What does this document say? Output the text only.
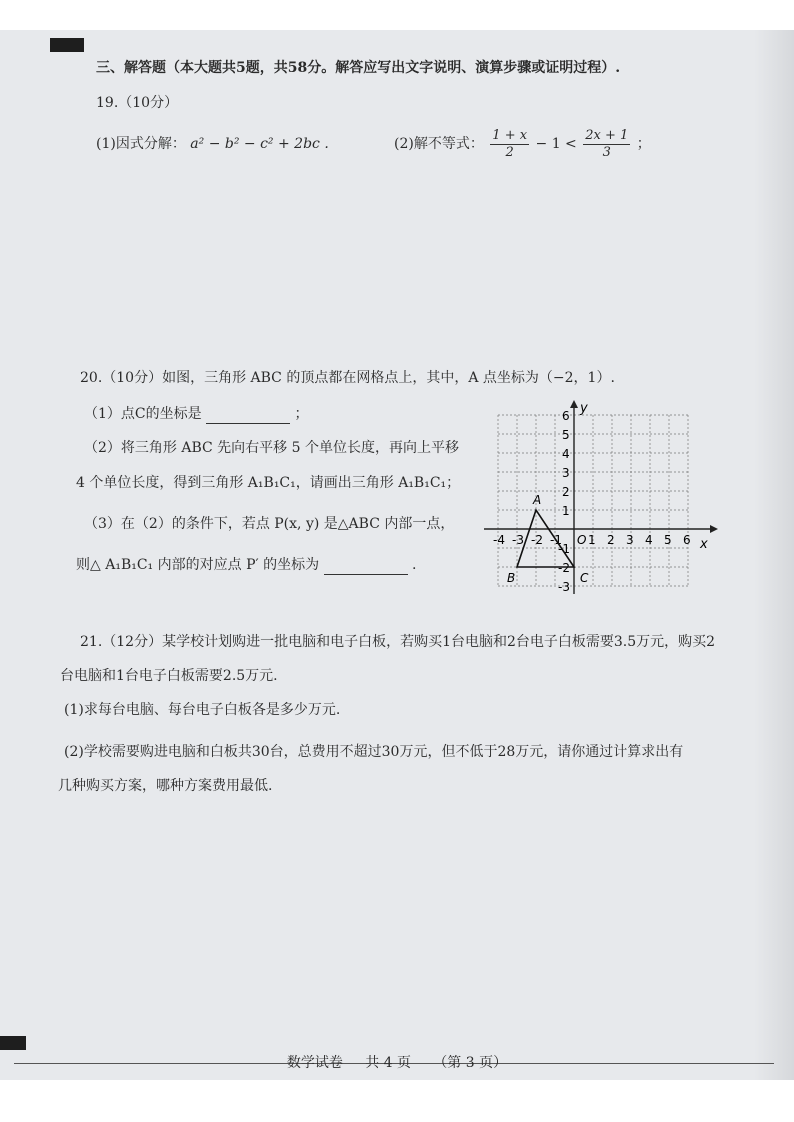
三、解答题（本大题共5题，共58分。解答应写出文字说明、演算步骤或证明过程）.
19.（10分）
(1)因式分解： a² − b² − c² + 2bc .	(2)解不等式： $\frac{1 + x}{2} - 1 < \frac{2x + 1}{3}$ ；
20.（10分）如图，三角形 ABC 的顶点都在网格点上，其中，A 点坐标为（−2，1）.
（1）点C的坐标是	；
（2）将三角形 ABC 先向右平移 5 个单位长度，再向上平移
4 个单位长度，得到三角形 A₁B₁C₁，请画出三角形 A₁B₁C₁；
（3）在（2）的条件下，若点 P(x, y) 是△ABC 内部一点，
则△ A₁B₁C₁ 内部的对应点 P′ 的坐标为	.
x
y
-4 -3 -2 -1 O 1 2 3 4 5 6
6
5
4
3
2
1
-1
-2
-3
A
B	C
21.（12分）某学校计划购进一批电脑和电子白板，若购买1台电脑和2台电子白板需要3.5万元，购买2
台电脑和1台电子白板需要2.5万元.
(1)求每台电脑、每台电子白板各是多少万元.
(2)学校需要购进电脑和白板共30台，总费用不超过30万元，但不低于28万元，请你通过计算求出有
几种购买方案，哪种方案费用最低.
数学试卷 共 4 页 （第 3 页）
